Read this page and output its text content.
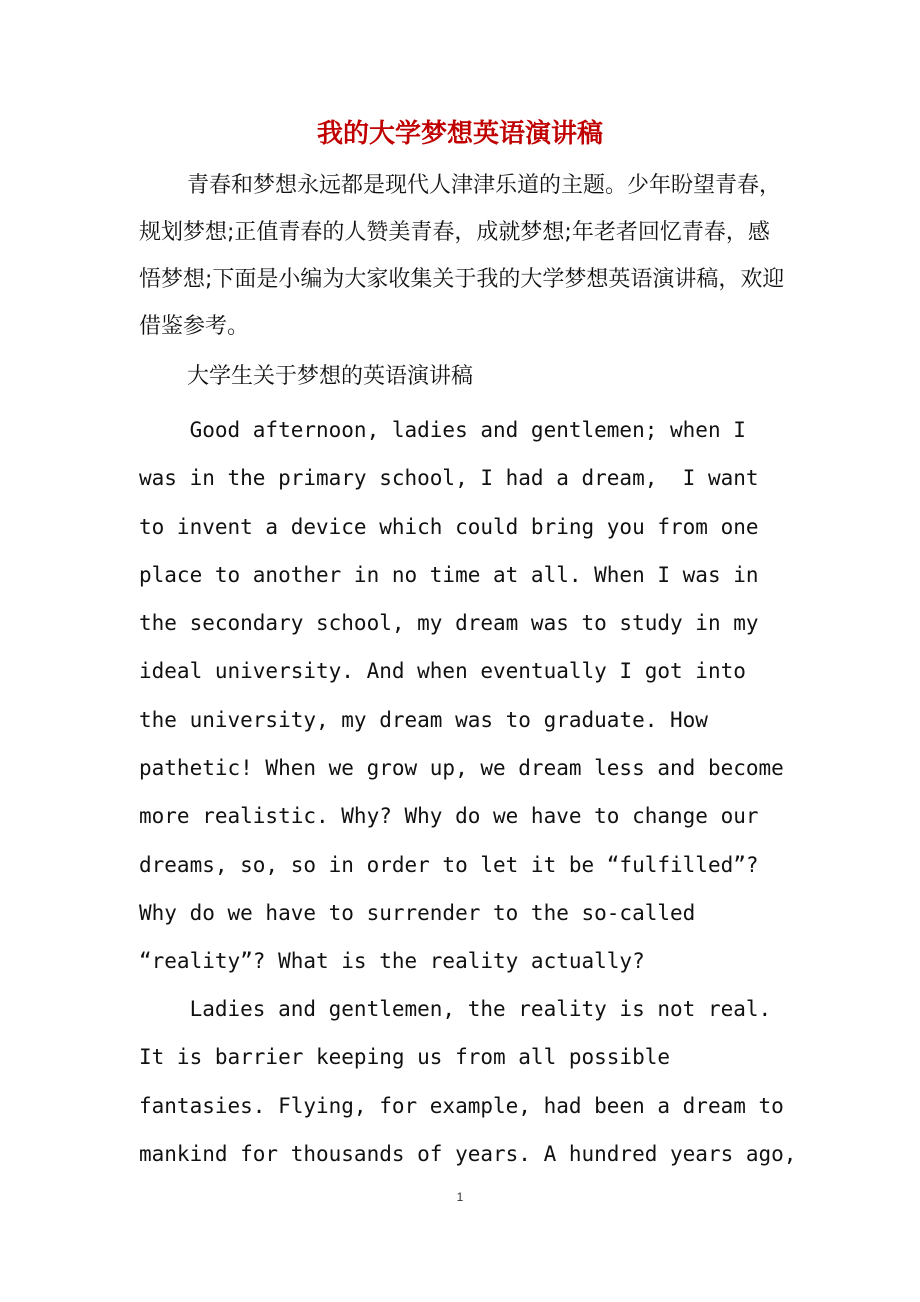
我的大学梦想英语演讲稿

青春和梦想永远都是现代人津津乐道的主题。少年盼望青春，规划梦想;正值青春的人赞美青春，成就梦想;年老者回忆青春，感悟梦想;下面是小编为大家收集关于我的大学梦想英语演讲稿，欢迎借鉴参考。

大学生关于梦想的英语演讲稿

Good afternoon, ladies and gentlemen; when I
was in the primary school, I had a dream,  I want
to invent a device which could bring you from one
place to another in no time at all. When I was in
the secondary school, my dream was to study in my
ideal university. And when eventually I got into
the university, my dream was to graduate. How
pathetic! When we grow up, we dream less and become
more realistic. Why? Why do we have to change our
dreams, so, so in order to let it be “fulfilled”?
Why do we have to surrender to the so-called
“reality”? What is the reality actually?
Ladies and gentlemen, the reality is not real.
It is barrier keeping us from all possible
fantasies. Flying, for example, had been a dream to
mankind for thousands of years. A hundred years ago,
1
